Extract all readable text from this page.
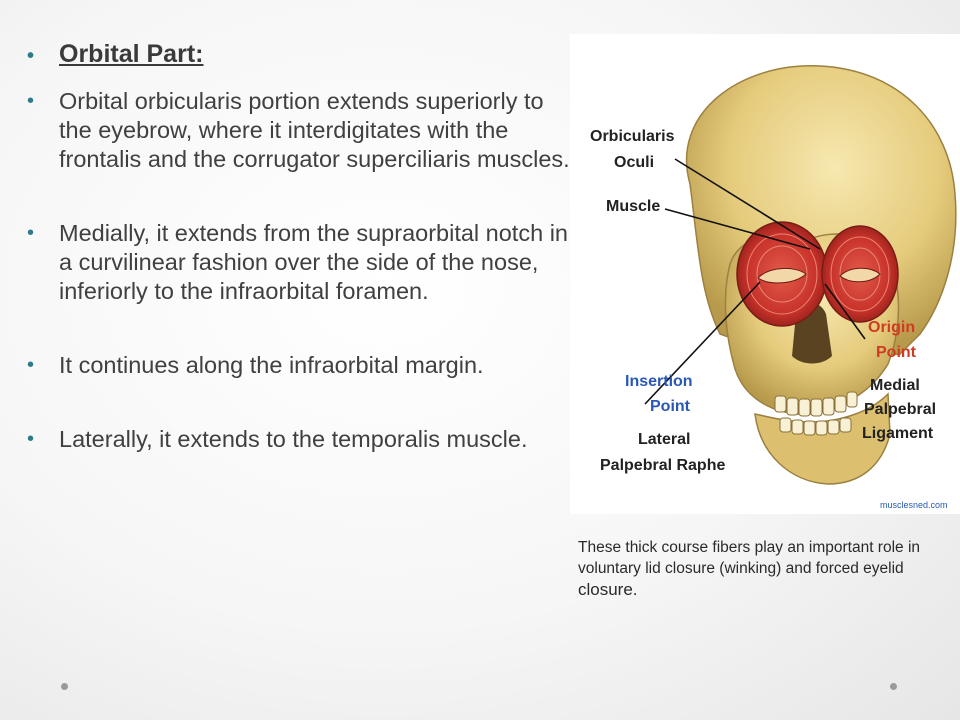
• Orbital Part:
• Orbital orbicularis portion extends superiorly to the eyebrow, where it interdigitates with the frontalis and the corrugator superciliaris muscles.
• Medially, it extends from the supraorbital notch in a curvilinear fashion over the side of the nose, inferiorly to the infraorbital foramen.
• It continues along the infraorbital margin.
• Laterally, it extends to the temporalis muscle.
Orbicularis
Oculi
Muscle
Origin
Point
Medial
Palpebral
Ligament
Insertion
Point
Lateral
Palpebral Raphe
musclesned.com
These thick course fibers play an important role in voluntary lid closure (winking) and forced eyelid closure.
